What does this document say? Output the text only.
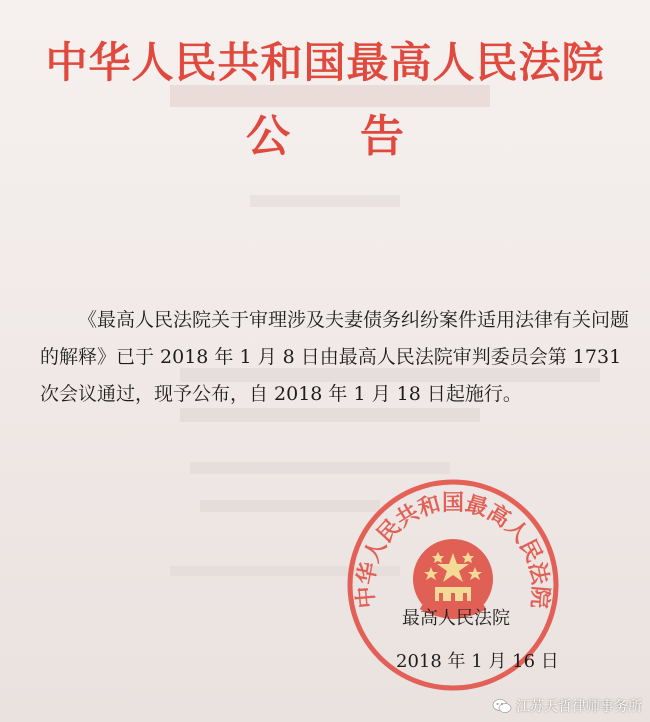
中华人民共和国最高人民法院
公告

《最高人民法院关于审理涉及夫妻债务纠纷案件适用法律有关问题的解释》已于 2018 年 1 月 8 日由最高人民法院审判委员会第 1731 次会议通过，现予公布，自 2018 年 1 月 18 日起施行。

中华人民共和国最高人民法院
最高人民法院
2018 年 1 月 16 日
江苏天哲律师事务所
